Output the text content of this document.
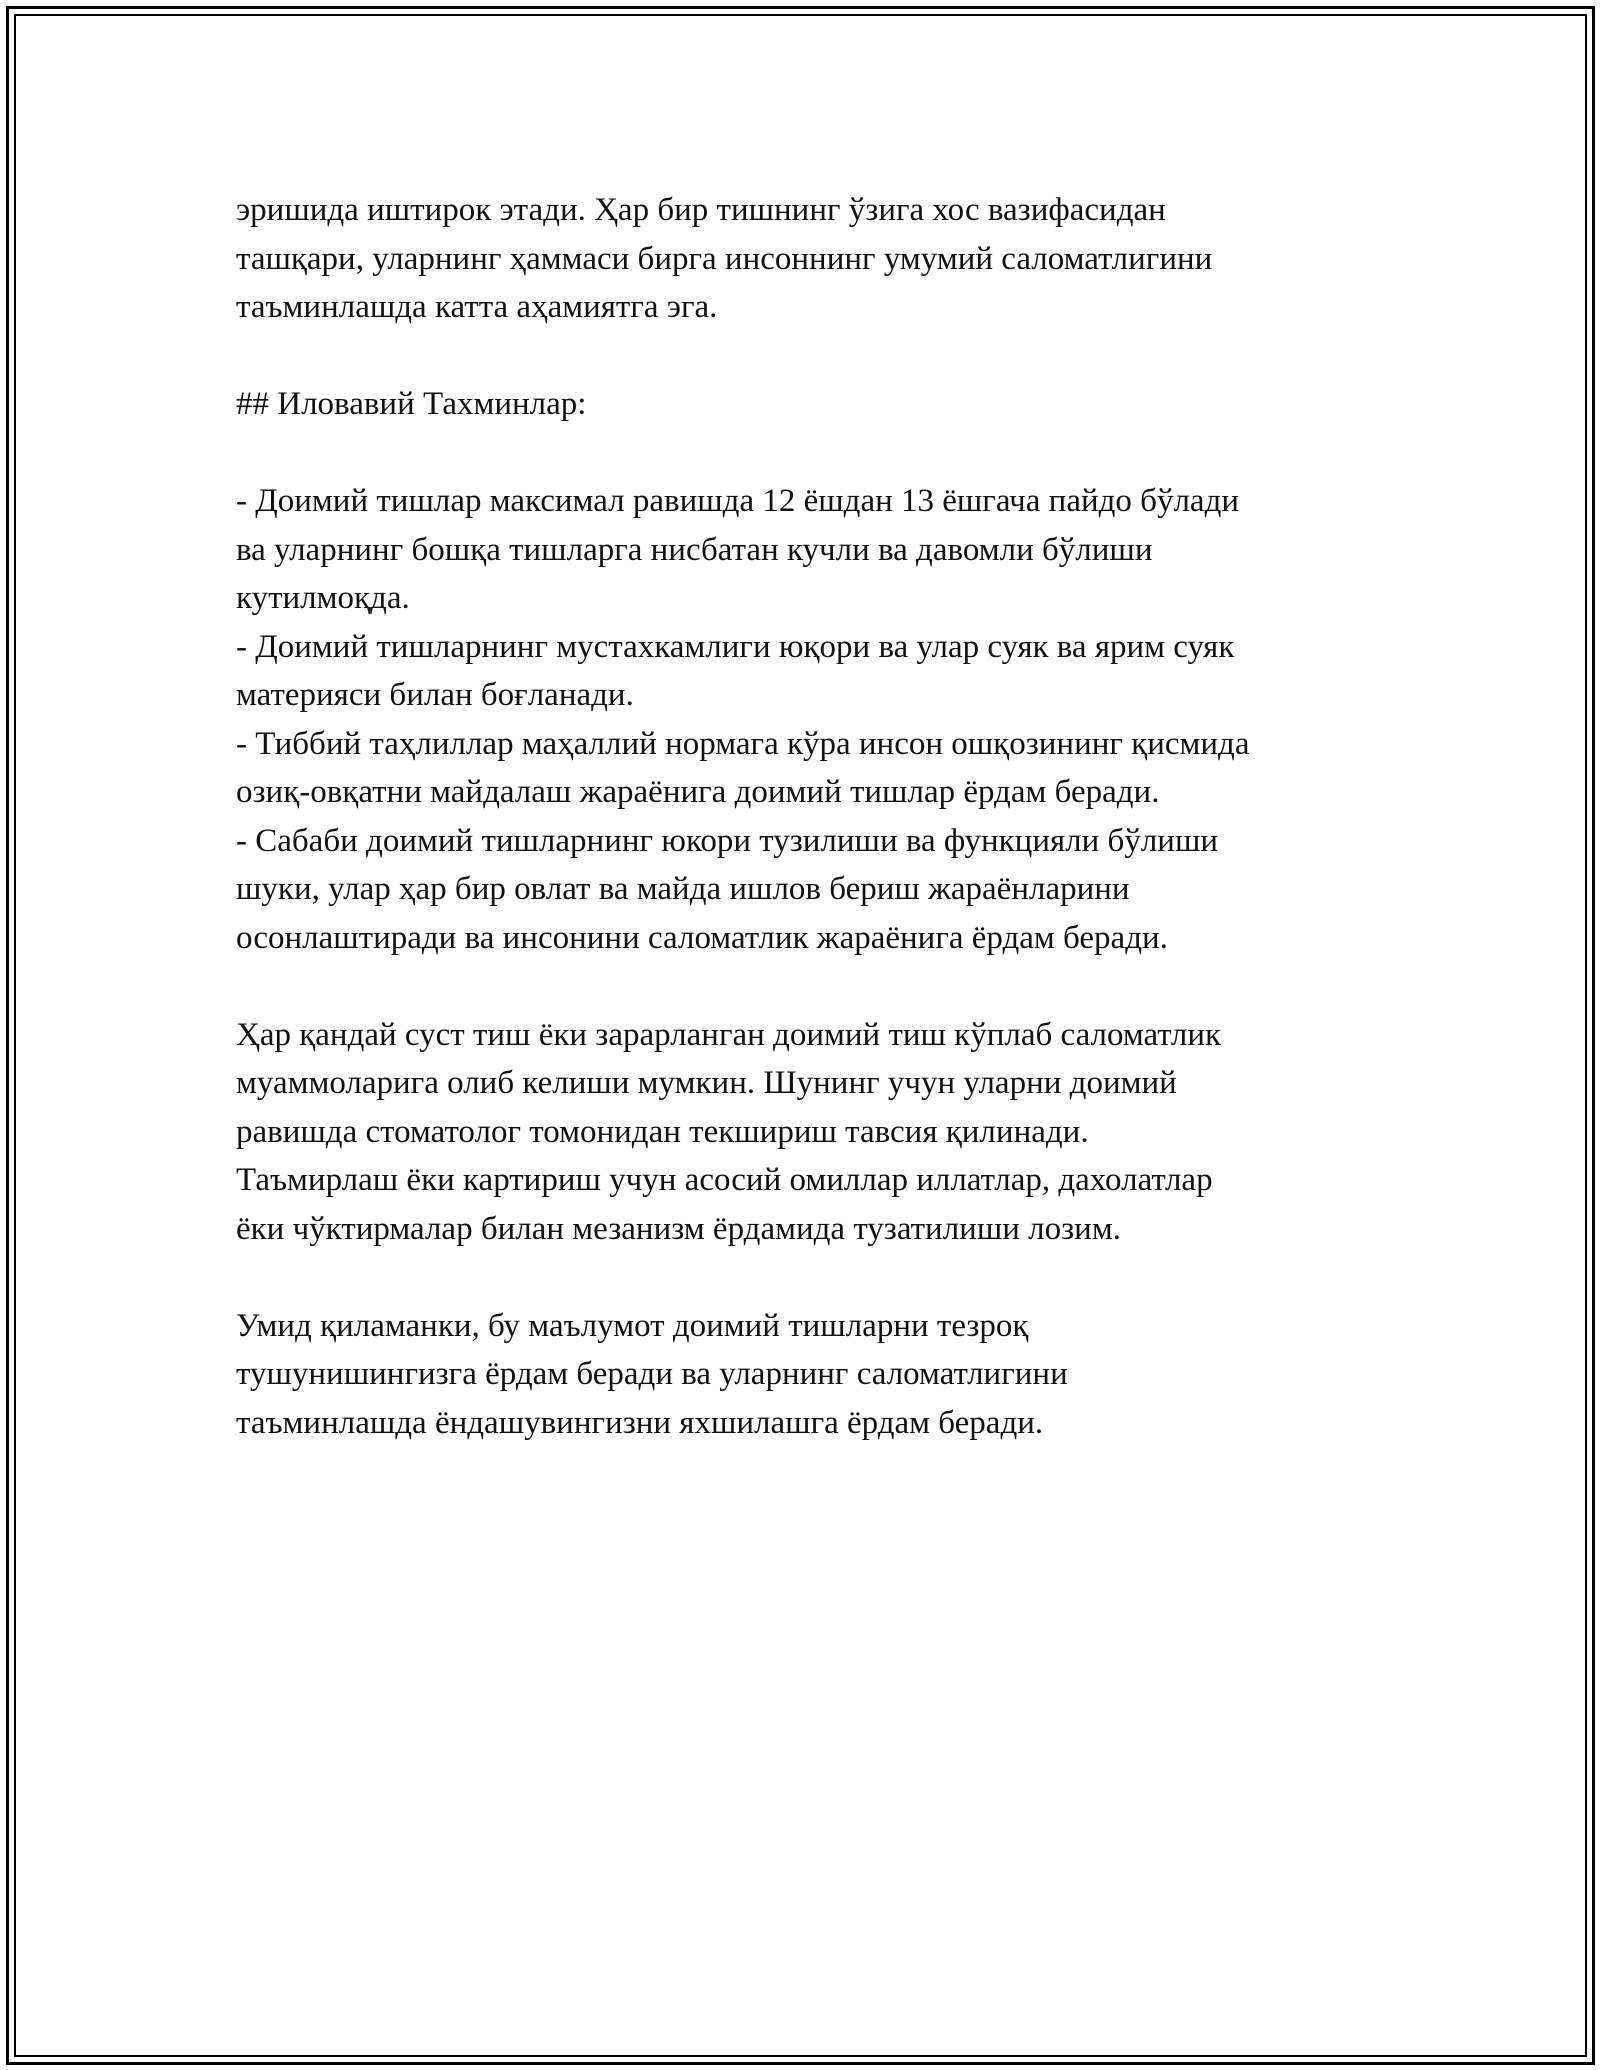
эришида иштирок этади. Ҳар бир тишнинг ўзига хос вазифасидан
ташқари, уларнинг ҳаммаси бирга инсоннинг умумий саломатлигини
таъминлашда катта аҳамиятга эга.

## Иловавий Тахминлар:

- Доимий тишлар максимал равишда 12 ёшдан 13 ёшгача пайдо бўлади
ва уларнинг бошқа тишларга нисбатан кучли ва давомли бўлиши
кутилмоқда.

- Доимий тишларнинг мустахкамлиги юқори ва улар суяк ва ярим суяк
материяси билан боғланади.

- Тиббий таҳлиллар маҳаллий нормага кўра инсон ошқозининг қисмида
озиқ-овқатни майдалаш жараёнига доимий тишлар ёрдам беради.

- Сабаби доимий тишларнинг юкори тузилиши ва функцияли бўлиши
шуки, улар ҳар бир овлат ва майда ишлов бериш жараёнларини
осонлаштиради ва инсонини саломатлик жараёнига ёрдам беради.

Ҳар қандай суст тиш ёки зарарланган доимий тиш кўплаб саломатлик
муаммоларига олиб келиши мумкин. Шунинг учун уларни доимий
равишда стоматолог томонидан текшириш тавсия қилинади.
Таъмирлаш ёки картириш учун асосий омиллар иллатлар, дахолатлар
ёки чўктирмалар билан мезанизм ёрдамида тузатилиши лозим.

Умид қиламанки, бу маълумот доимий тишларни тезроқ
тушунишингизга ёрдам беради ва уларнинг саломатлигини
таъминлашда ёндашувингизни яхшилашга ёрдам беради.
